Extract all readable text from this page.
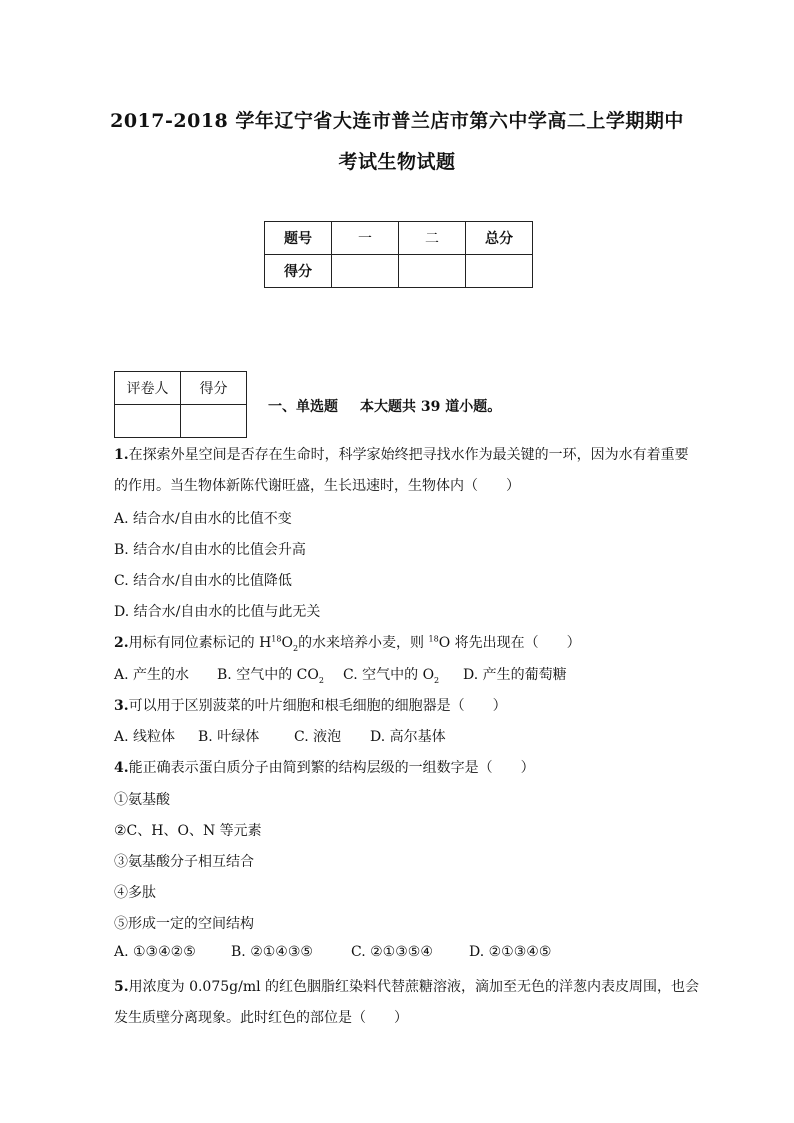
2017-2018 学年辽宁省大连市普兰店市第六中学高二上学期期中
考试生物试题
题号	一	二	总分
得分			
评卷人	得分

一、单选题 本大题共 39 道小题。
1.在探索外星空间是否存在生命时，科学家始终把寻找水作为最关键的一环，因为水有着重要
的作用。当生物体新陈代谢旺盛，生长迅速时，生物体内（　　）
A. 结合水/自由水的比值不变
B. 结合水/自由水的比值会升高
C. 结合水/自由水的比值降低
D. 结合水/自由水的比值与此无关
2.用标有同位素标记的 $H^{18}O_2$的水来培养小麦，则 $^{18}$O 将先出现在（　　）
A. 产生的水 B. 空气中的 $CO_2$ C. 空气中的 $O_2$ D. 产生的葡萄糖
3.可以用于区别菠菜的叶片细胞和根毛细胞的细胞器是（　　）
A. 线粒体 B. 叶绿体 C. 液泡 D. 高尔基体
4.能正确表示蛋白质分子由简到繁的结构层级的一组数字是（　　）
①氨基酸
②C、H、O、N 等元素
③氨基酸分子相互结合
④多肽
⑤形成一定的空间结构
A. ①③④②⑤	B. ②①④③⑤	C. ②①③⑤④	D. ②①③④⑤
5.用浓度为 0.075g/ml 的红色胭脂红染料代替蔗糖溶液，滴加至无色的洋葱内表皮周围，也会
发生质壁分离现象。此时红色的部位是（　　）
